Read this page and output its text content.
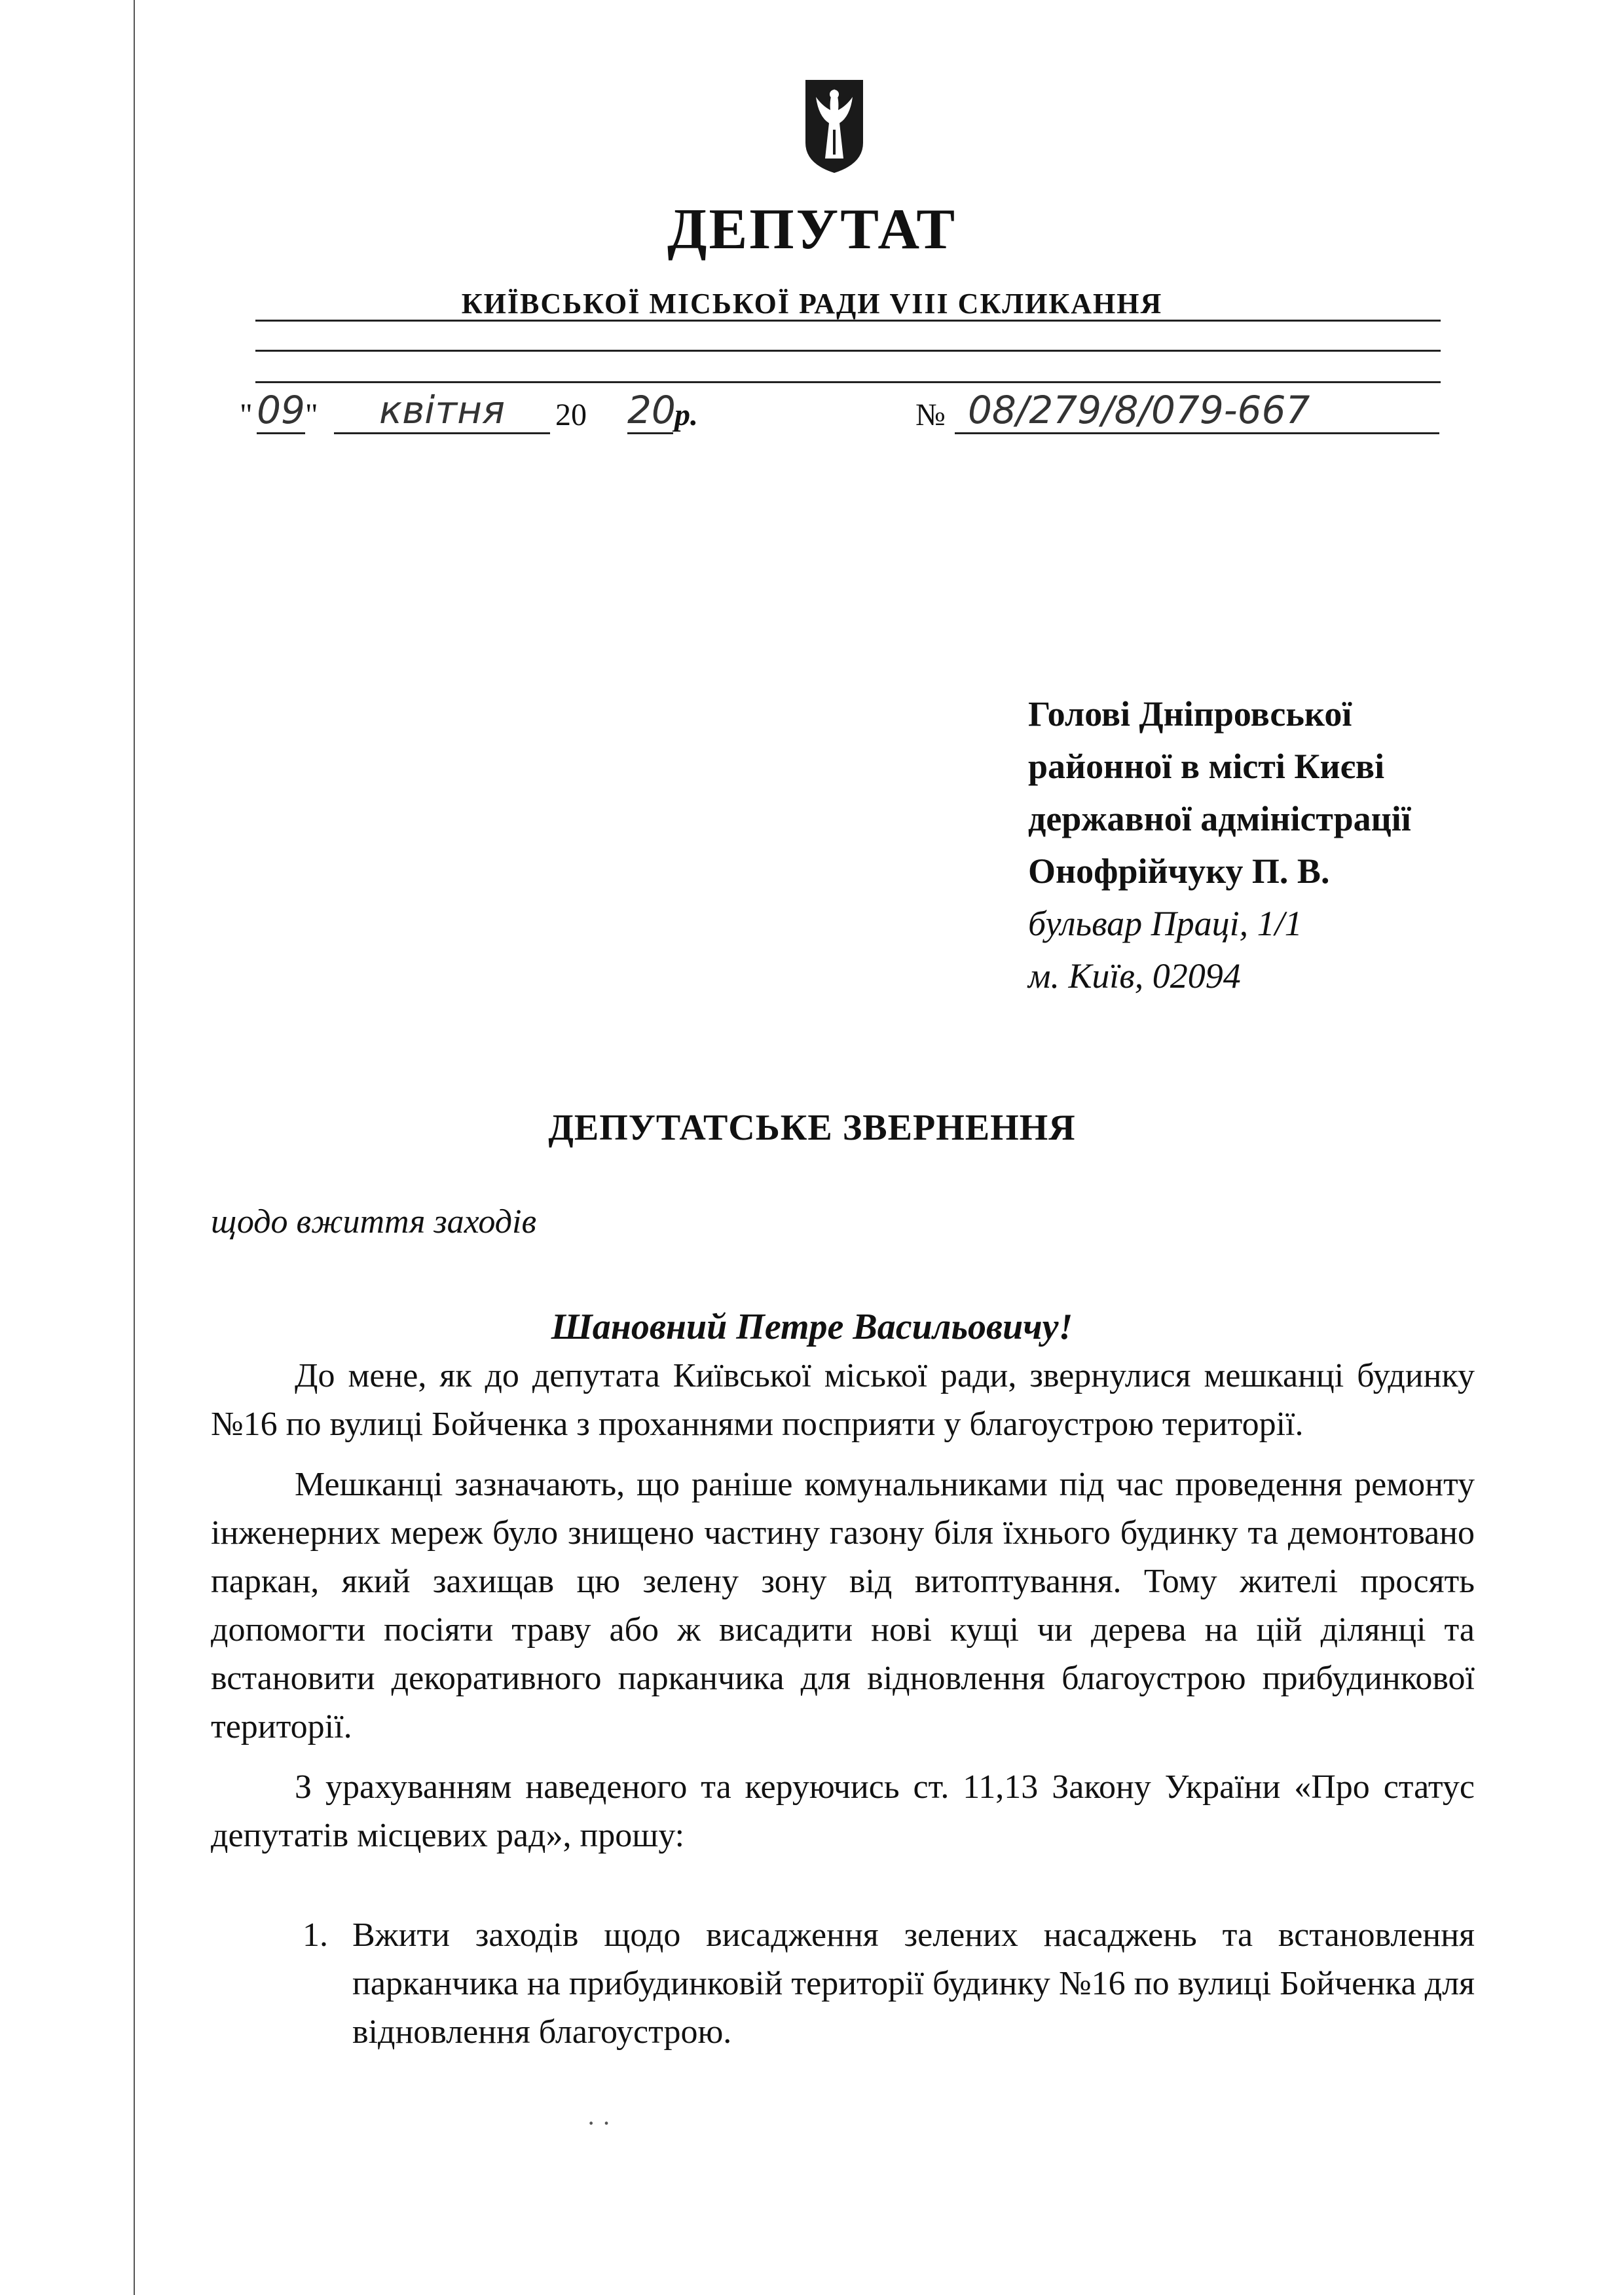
ДЕПУТАТ
КИЇВСЬКОЇ МІСЬКОЇ РАДИ VIII СКЛИКАННЯ
" 09 "	квітня	20 20
р.	№ 08/279/8/079-667
Голові Дніпровської
районної в місті Києві
державної адміністрації
Онофрійчуку П. В.
бульвар Праці, 1/1
м. Київ, 02094
ДЕПУТАТСЬКЕ ЗВЕРНЕННЯ
щодо вжиття заходів
Шановний Петре Васильовичу!

До мене, як до депутата Київської міської ради, звернулися мешканці будинку №16 по вулиці Бойченка з проханнями посприяти у благоустрою території.

Мешканці зазначають, що раніше комунальниками під час проведення ремонту інженерних мереж було знищено частину газону біля їхнього будинку та демонтовано паркан, який захищав цю зелену зону від витоптування. Тому жителі просять допомогти посіяти траву або ж висадити нові кущі чи дерева на цій ділянці та встановити декоративного парканчика для відновлення благоустрою прибудинкової території.

З урахуванням наведеного та керуючись ст. 11,13 Закону України «Про статус депутатів місцевих рад», прошу:

1. Вжити заходів щодо висадження зелених насаджень та встановлення парканчика на прибудинковій території будинку №16 по вулиці Бойченка для відновлення благоустрою.
· ·
